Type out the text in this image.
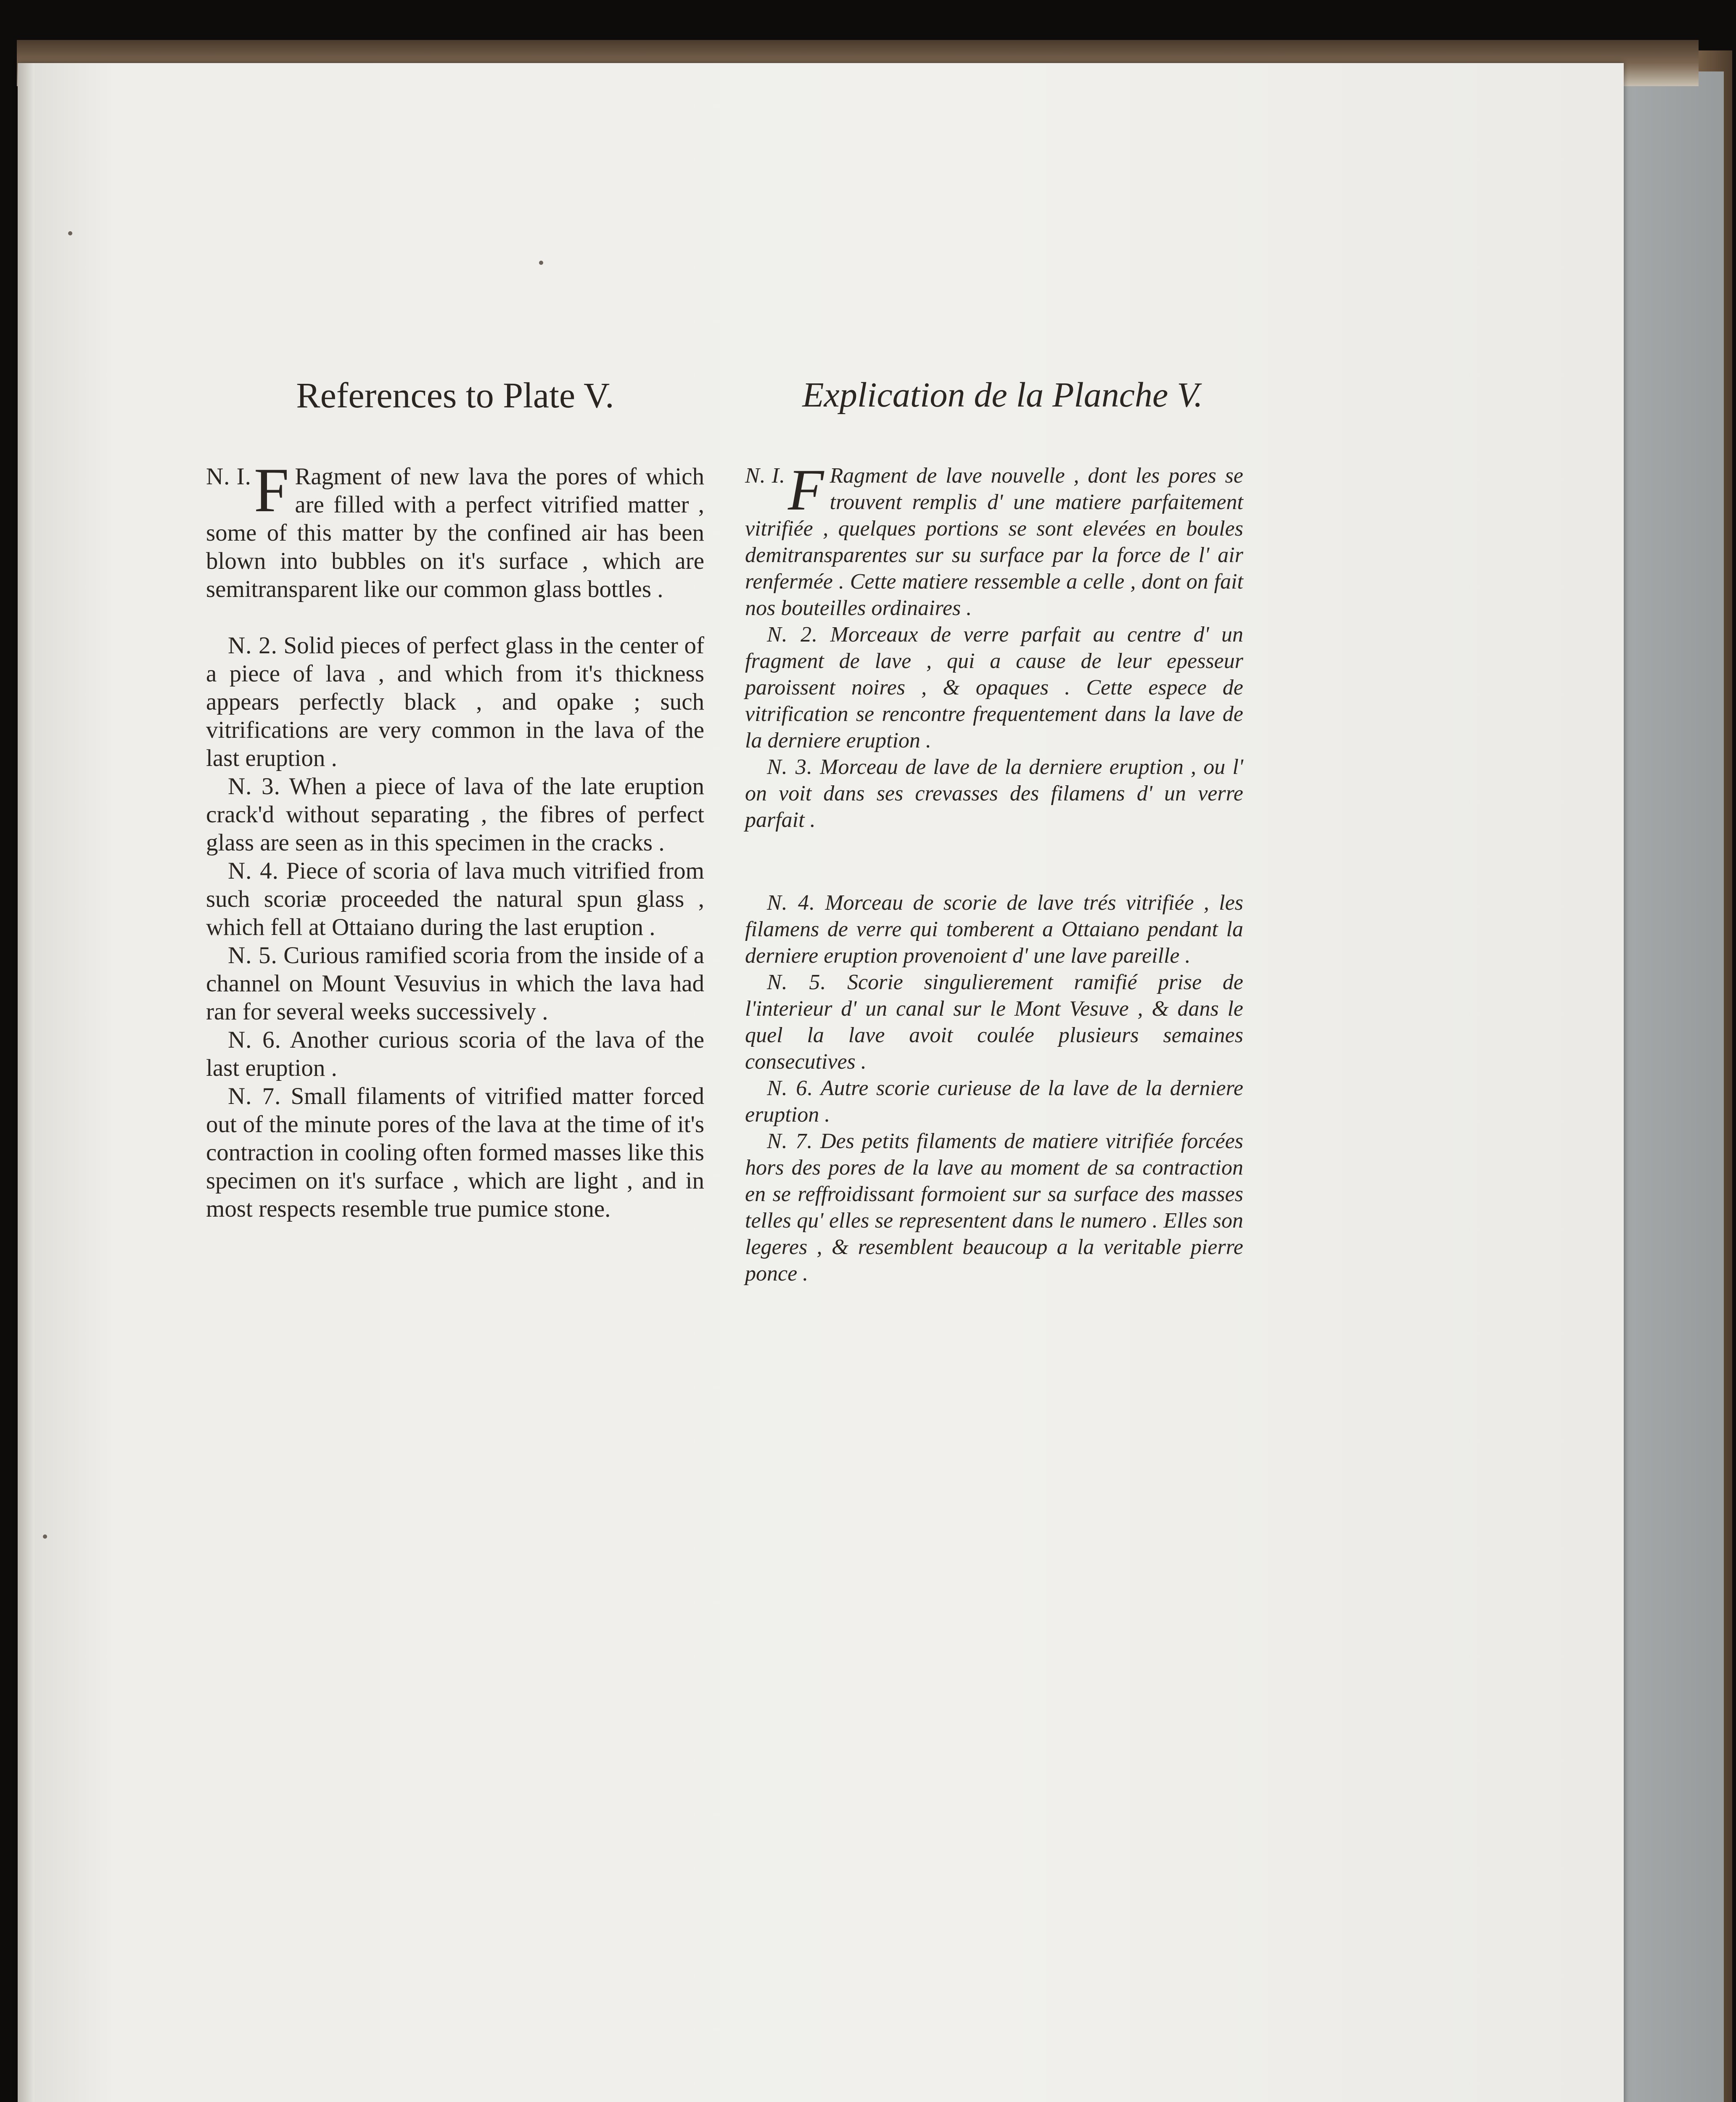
References to Plate V.

N. I. F Ragment of new lava the pores of which are filled with a perfect vitrified matter , some of this matter by the confined air has been blown into bubbles on it's surface , which are semitransparent like our common glass bottles .

N. 2. Solid pieces of perfect glass in the center of a piece of lava , and which from it's thickness appears perfectly black , and opake ; such vitrifications are very common in the lava of the last eruption .

N. 3. When a piece of lava of the late eruption crack'd without separating , the fibres of perfect glass are seen as in this specimen in the cracks .

N. 4. Piece of scoria of lava much vitrified from such scoriæ proceeded the natural spun glass , which fell at Ottaiano during the last eruption .

N. 5. Curious ramified scoria from the inside of a channel on Mount Vesuvius in which the lava had ran for several weeks successively .

N. 6. Another curious scoria of the lava of the last eruption .

N. 7. Small filaments of vitrified matter forced out of the minute pores of the lava at the time of it's contraction in cooling often formed masses like this specimen on it's surface , which are light , and in most respects resemble true pumice stone.

Explication de la Planche V.

N. I. F Ragment de lave nouvelle , dont les pores se trouvent remplis d' une matiere parfaitement vitrifiée , quelques portions se sont elevées en boules demitransparentes sur su surface par la force de l' air renfermée . Cette matiere ressemble a celle , dont on fait nos bouteilles ordinaires .

N. 2. Morceaux de verre parfait au centre d' un fragment de lave , qui a cause de leur epesseur paroissent noires , & opaques . Cette espece de vitrification se rencontre frequentement dans la lave de la derniere eruption .

N. 3. Morceau de lave de la derniere eruption , ou l' on voit dans ses crevasses des filamens d' un verre parfait .

N. 4. Morceau de scorie de lave trés vitrifiée , les filamens de verre qui tomberent a Ottaiano pendant la derniere eruption provenoient d' une lave pareille .

N. 5. Scorie singulierement ramifié prise de l'interieur d' un canal sur le Mont Vesuve , & dans le quel la lave avoit coulée plusieurs semaines consecutives .

N. 6. Autre scorie curieuse de la lave de la derniere eruption .

N. 7. Des petits filaments de matiere vitrifiée forcées hors des pores de la lave au moment de sa contraction en se reffroidissant formoient sur sa surface des masses telles qu' elles se representent dans le numero . Elles son legeres , & resemblent beaucoup a la veritable pierre ponce .
